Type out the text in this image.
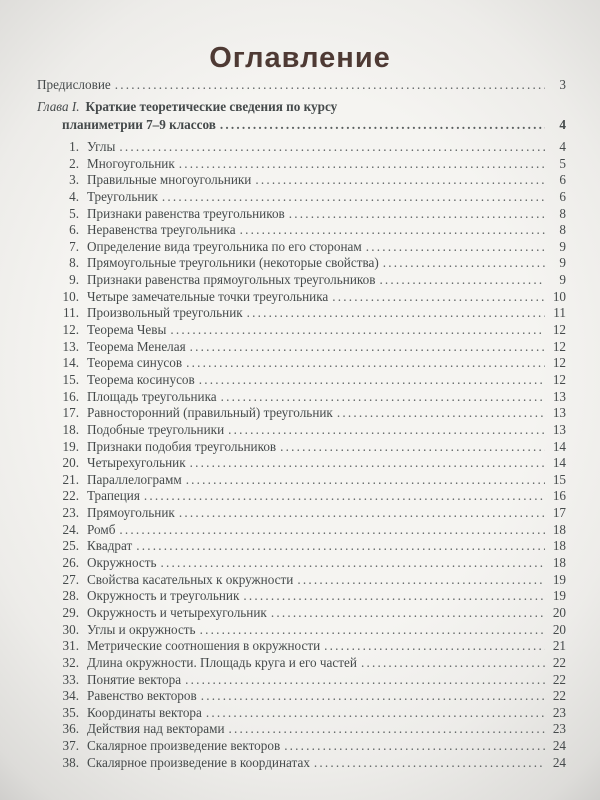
Оглавление
Предисловие .....	3
Глава I. Краткие теоретические сведения по курсу
планиметрии 7–9 классов .....	4
1. Углы .....	4
2. Многоугольник .....	5
3. Правильные многоугольники .....	6
4. Треугольник .....	6
5. Признаки равенства треугольников .....	8
6. Неравенства треугольника .....	8
7. Определение вида треугольника по его сторонам .....	9
8. Прямоугольные треугольники (некоторые свойства) .....	9
9. Признаки равенства прямоугольных треугольников .....	9
10. Четыре замечательные точки треугольника .....	10
11. Произвольный треугольник .....	11
12. Теорема Чевы .....	12
13. Теорема Менелая .....	12
14. Теорема синусов .....	12
15. Теорема косинусов .....	12
16. Площадь треугольника .....	13
17. Равносторонний (правильный) треугольник .....	13
18. Подобные треугольники .....	13
19. Признаки подобия треугольников .....	14
20. Четырехугольник .....	14
21. Параллелограмм .....	15
22. Трапеция .....	16
23. Прямоугольник .....	17
24. Ромб .....	18
25. Квадрат .....	18
26. Окружность .....	18
27. Свойства касательных к окружности .....	19
28. Окружность и треугольник .....	19
29. Окружность и четырехугольник .....	20
30. Углы и окружность .....	20
31. Метрические соотношения в окружности .....	21
32. Длина окружности. Площадь круга и его частей .....	22
33. Понятие вектора .....	22
34. Равенство векторов .....	22
35. Координаты вектора .....	23
36. Действия над векторами .....	23
37. Скалярное произведение векторов .....	24
38. Скалярное произведение в координатах .....	24
